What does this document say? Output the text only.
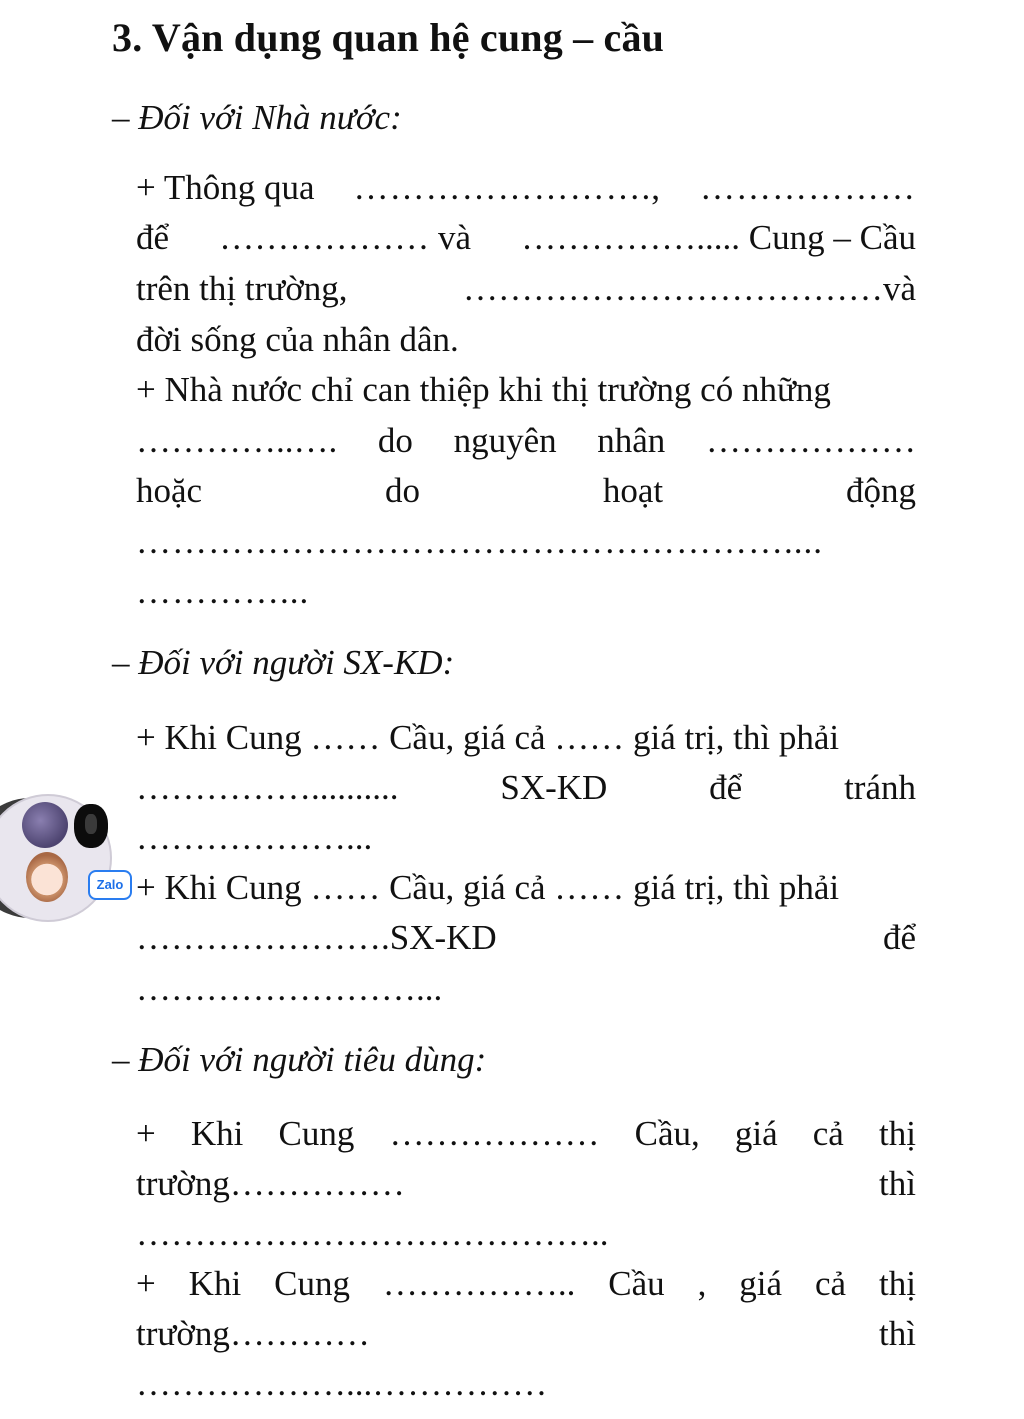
3. Vận dụng quan hệ cung – cầu
– Đối với Nhà nước:
+ Thông qua ……………………., ………………
để ……………… và ……………..... Cung – Cầu
trên thị trường,	………………………………và
đời sống của nhân dân.
+ Nhà nước chỉ can thiệp khi thị trường có những
…………..…. do nguyên nhân ………………
hoặc	do	hoạt	động
………………………………………………....
…………...
– Đối với người SX-KD:
+ Khi Cung …… Cầu, giá cả …… giá trị, thì phải
……………..........	SX-KD	để	tránh
………………...
+ Khi Cung …… Cầu, giá cả …… giá trị, thì phải
………………….SX-KD	để
……………………...
– Đối với người tiêu dùng:
+ Khi Cung ……………… Cầu, giá cả thị
trường……………	thì
…………………………………..
+ Khi Cung …………….. Cầu , giá cả thị
trường…………	thì
………………...……………
Zalo
